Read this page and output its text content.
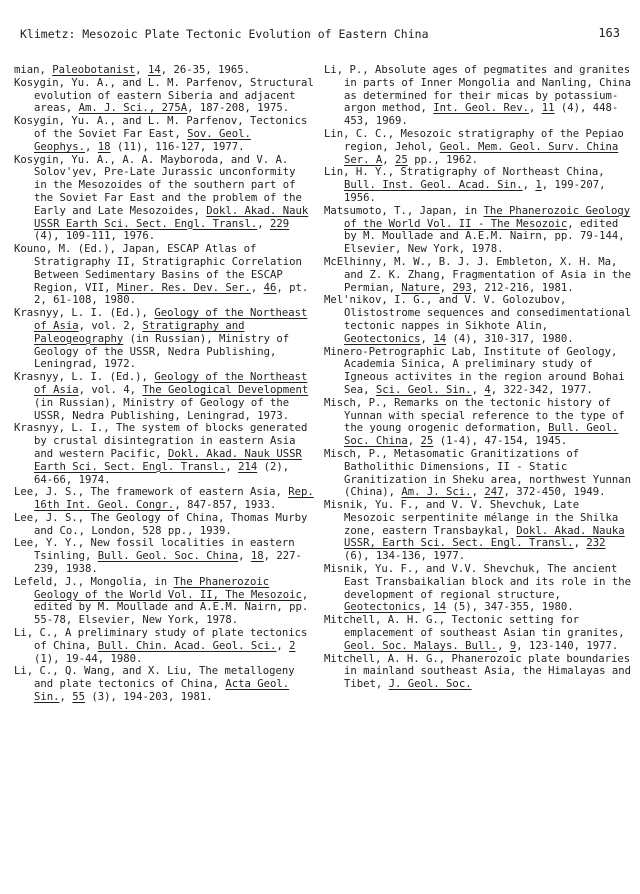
Klimetz: Mesozoic Plate Tectonic Evolution of Eastern China	163

mian, Paleobotanist, 14, 26-35, 1965.

Kosygin, Yu. A., and L. M. Parfenov, Structural evolution of eastern Siberia and adjacent areas, Am. J. Sci., 275A, 187-208, 1975.

Kosygin, Yu. A., and L. M. Parfenov, Tectonics of the Soviet Far East, Sov. Geol. Geophys., 18 (11), 116-127, 1977.

Kosygin, Yu. A., A. A. Mayboroda, and V. A. Solov'yev, Pre-Late Jurassic unconformity in the Mesozoides of the southern part of the Soviet Far East and the problem of the Early and Late Mesozoides, Dokl. Akad. Nauk USSR Earth Sci. Sect. Engl. Transl., 229 (4), 109-111, 1976.

Kouno, M. (Ed.), Japan, ESCAP Atlas of Stratigraphy II, Stratigraphic Correlation Between Sedimentary Basins of the ESCAP Region, VII, Miner. Res. Dev. Ser., 46, pt. 2, 61-108, 1980.

Krasnyy, L. I. (Ed.), Geology of the Northeast of Asia, vol. 2, Stratigraphy and Paleogeography (in Russian), Ministry of Geology of the USSR, Nedra Publishing, Leningrad, 1972.

Krasnyy, L. I. (Ed.), Geology of the Northeast of Asia, vol. 4, The Geological Development (in Russian), Ministry of Geology of the USSR, Nedra Publishing, Leningrad, 1973.

Krasnyy, L. I., The system of blocks generated by crustal disintegration in eastern Asia and western Pacific, Dokl. Akad. Nauk USSR Earth Sci. Sect. Engl. Transl., 214 (2), 64-66, 1974.

Lee, J. S., The framework of eastern Asia, Rep. 16th Int. Geol. Congr., 847-857, 1933.

Lee, J. S., The Geology of China, Thomas Murby and Co., London, 528 pp., 1939.

Lee, Y. Y., New fossil localities in eastern Tsinling, Bull. Geol. Soc. China, 18, 227-239, 1938.

Lefeld, J., Mongolia, in The Phanerozoic Geology of the World Vol. II, The Mesozoic, edited by M. Moullade and A.E.M. Nairn, pp. 55-78, Elsevier, New York, 1978.

Li, C., A preliminary study of plate tectonics of China, Bull. Chin. Acad. Geol. Sci., 2 (1), 19-44, 1980.

Li, C., Q. Wang, and X. Liu, The metallogeny and plate tectonics of China, Acta Geol. Sin., 55 (3), 194-203, 1981.

Li, P., Absolute ages of pegmatites and granites in parts of Inner Mongolia and Nanling, China as determined for their micas by potassium-argon method, Int. Geol. Rev., 11 (4), 448-453, 1969.

Lin, C. C., Mesozoic stratigraphy of the Pepiao region, Jehol, Geol. Mem. Geol. Surv. China Ser. A, 25 pp., 1962.

Lin, H. Y., Stratigraphy of Northeast China, Bull. Inst. Geol. Acad. Sin., 1, 199-207, 1956.

Matsumoto, T., Japan, in The Phanerozoic Geology of the World Vol. II - The Mesozoic, edited by M. Moullade and A.E.M. Nairn, pp. 79-144, Elsevier, New York, 1978.

McElhinny, M. W., B. J. J. Embleton, X. H. Ma, and Z. K. Zhang, Fragmentation of Asia in the Permian, Nature, 293, 212-216, 1981.

Mel'nikov, I. G., and V. V. Golozubov, Olistostrome sequences and consedimentational tectonic nappes in Sikhote Alin, Geotectonics, 14 (4), 310-317, 1980.

Minero-Petrographic Lab, Institute of Geology, Academia Sinica, A preliminary study of Igneous activites in the region around Bohai Sea, Sci. Geol. Sin., 4, 322-342, 1977.

Misch, P., Remarks on the tectonic history of Yunnan with special reference to the type of the young orogenic deformation, Bull. Geol. Soc. China, 25 (1-4), 47-154, 1945.

Misch, P., Metasomatic Granitizations of Batholithic Dimensions, II - Static Granitization in Sheku area, northwest Yunnan (China), Am. J. Sci., 247, 372-450, 1949.

Misnik, Yu. F., and V. V. Shevchuk, Late Mesozoic serpentinite mélange in the Shilka zone, eastern Transbaykal, Dokl. Akad. Nauka USSR, Earth Sci. Sect. Engl. Transl., 232 (6), 134-136, 1977.

Misnik, Yu. F., and V.V. Shevchuk, The ancient East Transbaikalian block and its role in the development of regional structure, Geotectonics, 14 (5), 347-355, 1980.

Mitchell, A. H. G., Tectonic setting for emplacement of southeast Asian tin granites, Geol. Soc. Malays. Bull., 9, 123-140, 1977.

Mitchell, A. H. G., Phanerozoic plate boundaries in mainland southeast Asia, the Himalayas and Tibet, J. Geol. Soc.
